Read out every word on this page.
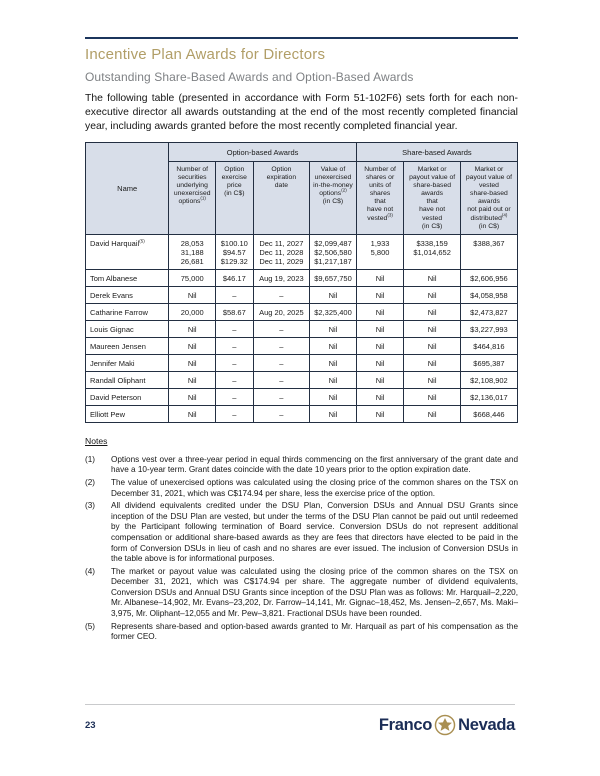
Incentive Plan Awards for Directors
Outstanding Share-Based Awards and Option-Based Awards

The following table (presented in accordance with Form 51-102F6) sets forth for each non-executive director all awards outstanding at the end of the most recently completed financial year, including awards granted before the most recently completed financial year.

Name	Option-based Awards				Share-based Awards		
Number of
securities
underlying
unexercised
options$^{(1)}$	Option
exercise
price
(in C$)	Option
expiration
date	Value of
unexercised
in-the-money
options$^{(2)}$
(in C$)	Number of
shares or
units of
shares
that
have not
vested$^{(3)}$	Market or
payout value of
share-based
awards
that
have not
vested
(in C$)	Market or
payout value of
vested
share-based
awards
not paid out or
distributed$^{(4)}$
(in C$)
David Harquail$^{(5)}$	28,053
31,188
26,681	$100.10
$94.57
$129.32	Dec 11, 2027
Dec 11, 2028
Dec 11, 2029	$2,099,487
$2,506,580
$1,217,187	1,933
5,800	$338,159
$1,014,652	$388,367
Tom Albanese	75,000	$46.17	Aug 19, 2023	$9,657,750	Nil	Nil	$2,606,956
Derek Evans	Nil	–	–	Nil	Nil	Nil	$4,058,958
Catharine Farrow	20,000	$58.67	Aug 20, 2025	$2,325,400	Nil	Nil	$2,473,827
Louis Gignac	Nil	–	–	Nil	Nil	Nil	$3,227,993
Maureen Jensen	Nil	–	–	Nil	Nil	Nil	$464,816
Jennifer Maki	Nil	–	–	Nil	Nil	Nil	$695,387
Randall Oliphant	Nil	–	–	Nil	Nil	Nil	$2,108,902
David Peterson	Nil	–	–	Nil	Nil	Nil	$2,136,017
Elliott Pew	Nil	–	–	Nil	Nil	Nil	$668,446
Notes
(1)	Options vest over a three-year period in equal thirds commencing on the first anniversary of the grant date and have a 10-year term. Grant dates coincide with the date 10 years prior to the option expiration date.
(2)	The value of unexercised options was calculated using the closing price of the common shares on the TSX on December 31, 2021, which was C$174.94 per share, less the exercise price of the option.
(3)	All dividend equivalents credited under the DSU Plan, Conversion DSUs and Annual DSU Grants since inception of the DSU Plan are vested, but under the terms of the DSU Plan cannot be paid out until redeemed by the Participant following termination of Board service. Conversion DSUs do not represent additional compensation or additional share-based awards as they are fees that directors have elected to be paid in the form of Conversion DSUs in lieu of cash and no shares are ever issued. The inclusion of Conversion DSUs in the table above is for informational purposes.
(4)	The market or payout value was calculated using the closing price of the common shares on the TSX on December 31, 2021, which was C$174.94 per share. The aggregate number of dividend equivalents, Conversion DSUs and Annual DSU Grants since inception of the DSU Plan was as follows: Mr. Harquail–2,220, Mr. Albanese–14,902, Mr. Evans–23,202, Dr. Farrow–14,141, Mr. Gignac–18,452, Ms. Jensen–2,657, Ms. Maki–3,975, Mr. Oliphant–12,055 and Mr. Pew–3,821. Fractional DSUs have been rounded.
(5)	Represents share-based and option-based awards granted to Mr. Harquail as part of his compensation as the former CEO.
23	Franco Nevada
